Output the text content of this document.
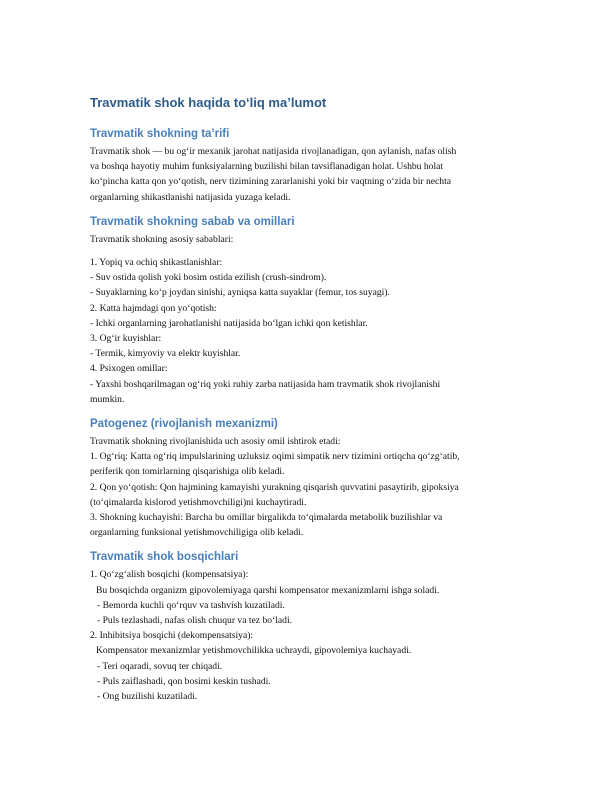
Travmatik shok haqida to‘liq ma’lumot
Travmatik shokning ta’rifi
Travmatik shok — bu og‘ir mexanik jarohat natijasida rivojlanadigan, qon aylanish, nafas olish
va boshqa hayotiy muhim funksiyalarning buzilishi bilan tavsiflanadigan holat. Ushbu holat
ko‘pincha katta qon yo‘qotish, nerv tizimining zararlanishi yoki bir vaqtning o‘zida bir nechta
organlarning shikastlanishi natijasida yuzaga keladi.
Travmatik shokning sabab va omillari
Travmatik shokning asosiy sabablari:
1. Yopiq va ochiq shikastlanishlar:
- Suv ostida qolish yoki bosim ostida ezilish (crush-sindrom).
- Suyaklarning ko‘p joydan sinishi, ayniqsa katta suyaklar (femur, tos suyagi).
2. Katta hajmdagi qon yo‘qotish:
- Ichki organlarning jarohatlanishi natijasida bo‘lgan ichki qon ketishlar.
3. Og‘ir kuyishlar:
- Termik, kimyoviy va elektr kuyishlar.
4. Psixogen omillar:
- Yaxshi boshqarilmagan og‘riq yoki ruhiy zarba natijasida ham travmatik shok rivojlanishi
mumkin.
Patogenez (rivojlanish mexanizmi)
Travmatik shokning rivojlanishida uch asosiy omil ishtirok etadi:
1. Og‘riq: Katta og‘riq impulslarining uzluksiz oqimi simpatik nerv tizimini ortiqcha qo‘zg‘atib,
periferik qon tomirlarning qisqarishiga olib keladi.
2. Qon yo‘qotish: Qon hajmining kamayishi yurakning qisqarish quvvatini pasaytirib, gipoksiya
(to‘qimalarda kislorod yetishmovchiligi)ni kuchaytiradi.
3. Shokning kuchayishi: Barcha bu omillar birgalikda to‘qimalarda metabolik buzilishlar va
organlarning funksional yetishmovchiligiga olib keladi.
Travmatik shok bosqichlari
1. Qo‘zg‘alish bosqichi (kompensatsiya):
Bu bosqichda organizm gipovolemiyaga qarshi kompensator mexanizmlarni ishga soladi.
- Bemorda kuchli qo‘rquv va tashvish kuzatiladi.
- Puls tezlashadi, nafas olish chuqur va tez bo‘ladi.
2. Inhibitsiya bosqichi (dekompensatsiya):
Kompensator mexanizmlar yetishmovchilikka uchraydi, gipovolemiya kuchayadi.
- Teri oqaradi, sovuq ter chiqadi.
- Puls zaiflashadi, qon bosimi keskin tushadi.
- Ong buzilishi kuzatiladi.
